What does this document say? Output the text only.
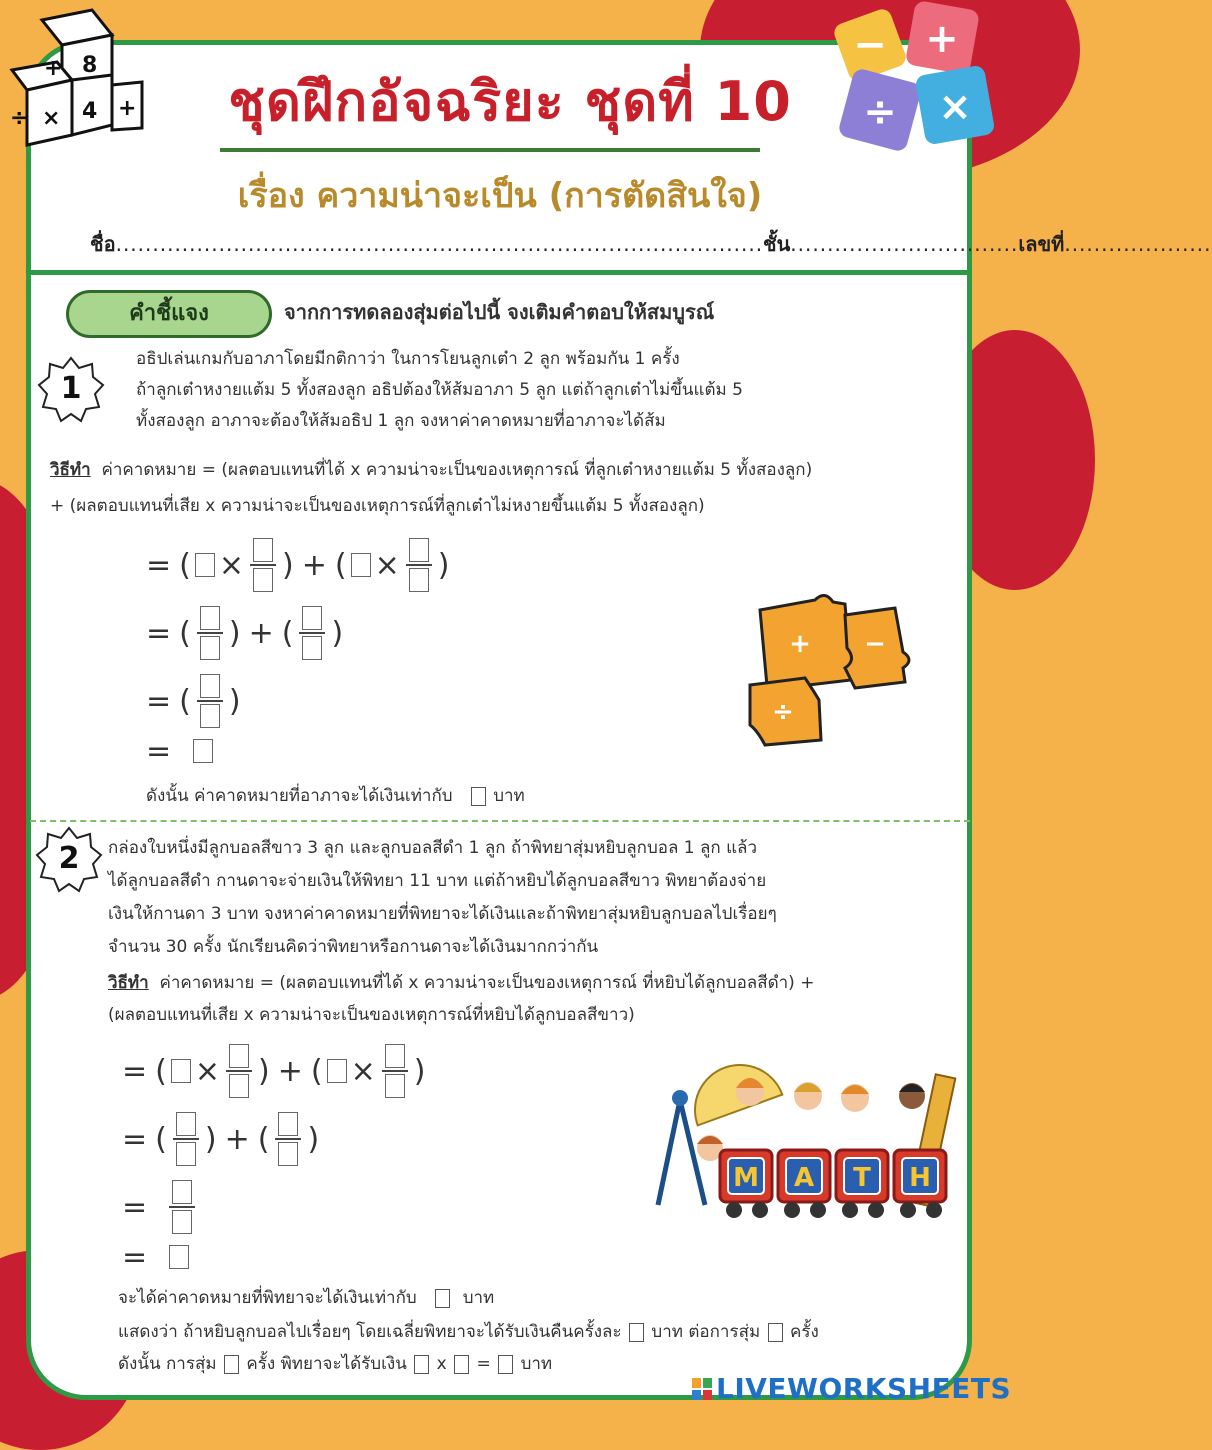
+ 8
÷ × 4 +
− +
÷ ×
ชุดฝึกอัจฉริยะ ชุดที่ 10
เรื่อง ความน่าจะเป็น (การตัดสินใจ)
ชื่อ........................................................................................ชั้น...............................เลขที่....................
คำชี้แจง	จากการทดลองสุ่มต่อไปนี้ จงเติมคำตอบให้สมบูรณ์
1
อธิปเล่นเกมกับอาภาโดยมีกติกาว่า ในการโยนลูกเต๋า 2 ลูก พร้อมกัน 1 ครั้ง
ถ้าลูกเต๋าหงายแต้ม 5 ทั้งสองลูก อธิปต้องให้ส้มอาภา 5 ลูก แต่ถ้าลูกเต๋าไม่ขึ้นแต้ม 5
ทั้งสองลูก อาภาจะต้องให้ส้มอธิป 1 ลูก จงหาค่าคาดหมายที่อาภาจะได้ส้ม
วิธีทำ ค่าคาดหมาย = (ผลตอบแทนที่ได้ x ความน่าจะเป็นของเหตุการณ์ ที่ลูกเต๋าหงายแต้ม 5 ทั้งสองลูก)
+ (ผลตอบแทนที่เสีย x ความน่าจะเป็นของเหตุการณ์ที่ลูกเต๋าไม่หงายขึ้นแต้ม 5 ทั้งสองลูก)
= ( × ) + ( × )
= ( ) + ( )
= ( )
=
ดังนั้น ค่าคาดหมายที่อาภาจะได้เงินเท่ากับ บาท
+ −
÷
2	กล่องใบหนึ่งมีลูกบอลสีขาว 3 ลูก และลูกบอลสีดำ 1 ลูก ถ้าพิทยาสุ่มหยิบลูกบอล 1 ลูก แล้ว
ได้ลูกบอลสีดำ กานดาจะจ่ายเงินให้พิทยา 11 บาท แต่ถ้าหยิบได้ลูกบอลสีขาว พิทยาต้องจ่าย
เงินให้กานดา 3 บาท จงหาค่าคาดหมายที่พิทยาจะได้เงินและถ้าพิทยาสุ่มหยิบลูกบอลไปเรื่อยๆ
จำนวน 30 ครั้ง นักเรียนคิดว่าพิทยาหรือกานดาจะได้เงินมากกว่ากัน
วิธีทำ ค่าคาดหมาย = (ผลตอบแทนที่ได้ x ความน่าจะเป็นของเหตุการณ์ ที่หยิบได้ลูกบอลสีดำ) +
(ผลตอบแทนที่เสีย x ความน่าจะเป็นของเหตุการณ์ที่หยิบได้ลูกบอลสีขาว)
= ( × ) + ( × )
= ( ) + ( )
=
=
จะได้ค่าคาดหมายที่พิทยาจะได้เงินเท่ากับ	บาท
แสดงว่า ถ้าหยิบลูกบอลไปเรื่อยๆ โดยเฉลี่ยพิทยาจะได้รับเงินคืนครั้งละ บาท ต่อการสุ่ม ครั้ง
ดังนั้น การสุ่ม ครั้ง พิทยาจะได้รับเงิน x = บาท
M A T H
LIVEWORKSHEETS
